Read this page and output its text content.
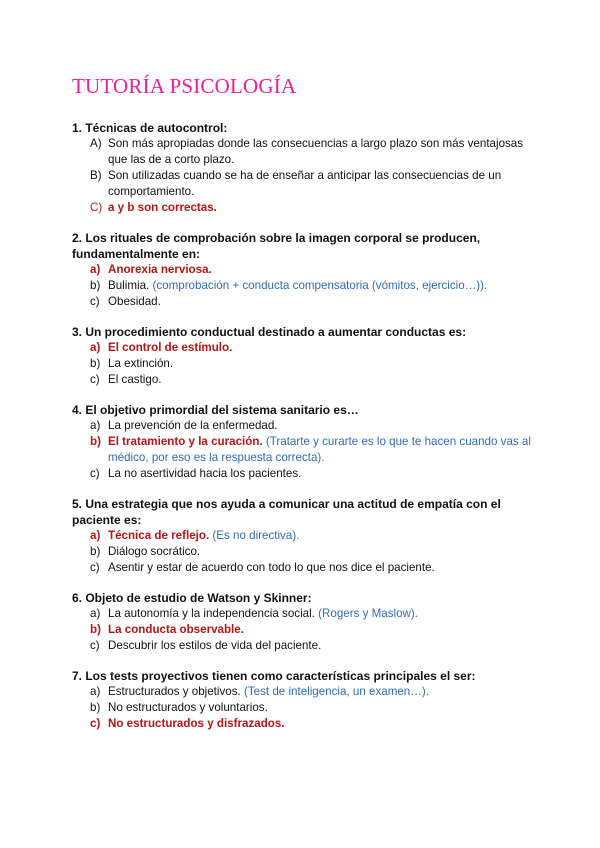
TUTORÍA PSICOLOGÍA

1. Técnicas de autocontrol:

A) Son más apropiadas donde las consecuencias a largo plazo son más ventajosas que las de a corto plazo.
B) Son utilizadas cuando se ha de enseñar a anticipar las consecuencias de un comportamiento.
C) a y b son correctas.

2. Los rituales de comprobación sobre la imagen corporal se producen, fundamentalmente en:

a) Anorexia nerviosa.
b) Bulimia. (comprobación + conducta compensatoria (vómitos, ejercicio…)).
c) Obesidad.

3. Un procedimiento conductual destinado a aumentar conductas es:

a) El control de estímulo.
b) La extinción.
c) El castigo.

4. El objetivo primordial del sistema sanitario es…

a) La prevención de la enfermedad.
b) El tratamiento y la curación. (Tratarte y curarte es lo que te hacen cuando vas al médico, por eso es la respuesta correcta).
c) La no asertividad hacia los pacientes.

5. Una estrategia que nos ayuda a comunicar una actitud de empatía con el paciente es:

a) Técnica de reflejo. (Es no directiva).
b) Diálogo socrático.
c) Asentir y estar de acuerdo con todo lo que nos dice el paciente.

6. Objeto de estudio de Watson y Skinner:

a) La autonomía y la independencia social. (Rogers y Maslow).
b) La conducta observable.
c) Descubrir los estilos de vida del paciente.

7. Los tests proyectivos tienen como características principales el ser:

a) Estructurados y objetivos. (Test de inteligencia, un examen…).
b) No estructurados y voluntarios.
c) No estructurados y disfrazados.
